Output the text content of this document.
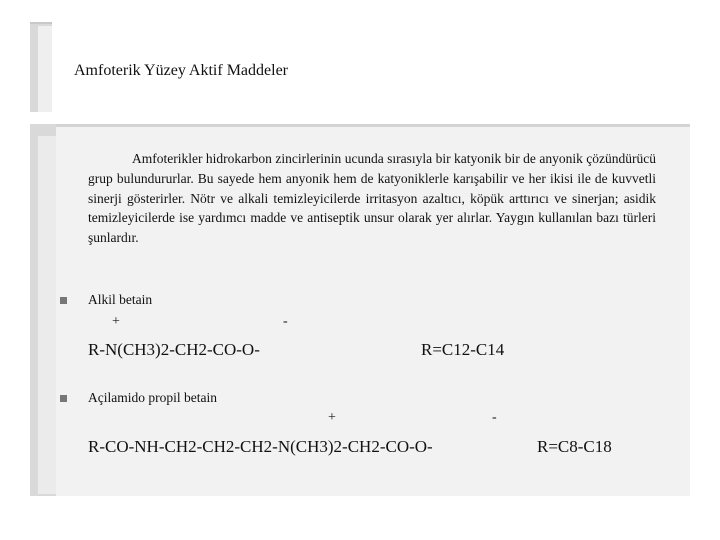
Amfoterik Yüzey Aktif Maddeler

Amfoterikler hidrokarbon zincirlerinin ucunda sırasıyla bir katyonik bir de anyonik çözündürücü grup bulundururlar. Bu sayede hem anyonik hem de katyoniklerle karışabilir ve her ikisi ile de kuvvetli sinerji gösterirler. Nötr ve alkali temizleyicilerde irritasyon azaltıcı, köpük arttırıcı ve sinerjan; asidik temizleyicilerde ise yardımcı madde ve antiseptik unsur olarak yer alırlar. Yaygın kullanılan bazı türleri şunlardır.

Alkil betain

+	-
R-N(CH3)2-CH2-CO-O-	R=C12-C14

Açilamido propil betain

+	-
R-CO-NH-CH2-CH2-CH2-N(CH3)2-CH2-CO-O-	R=C8-C18
